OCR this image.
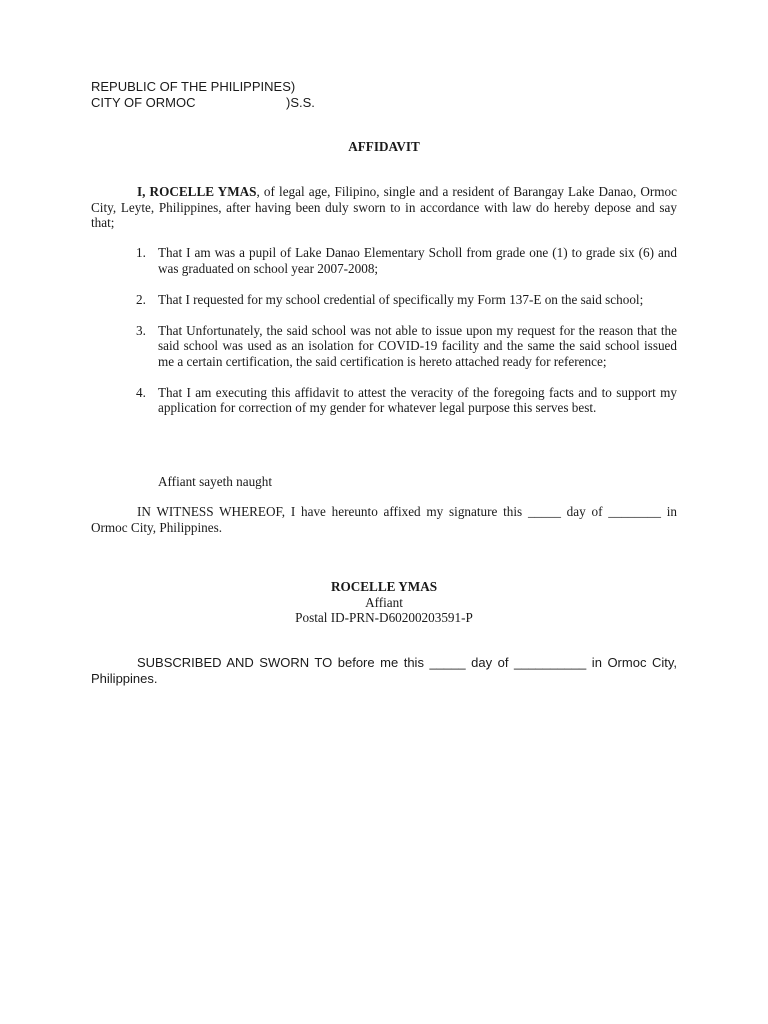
REPUBLIC OF THE PHILIPPINES)
CITY OF ORMOC	)S.S.
AFFIDAVIT

I, ROCELLE YMAS, of legal age, Filipino, single and a resident of Barangay Lake Danao, Ormoc City, Leyte, Philippines, after having been duly sworn to in accordance with law do hereby depose and say that;

1. That I am was a pupil of Lake Danao Elementary Scholl from grade one (1) to grade six (6) and was graduated on school year 2007-2008;
2. That I requested for my school credential of specifically my Form 137-E on the said school;
3. That Unfortunately, the said school was not able to issue upon my request for the reason that the said school was used as an isolation for COVID-19 facility and the same the said school issued me a certain certification, the said certification is hereto attached ready for reference;
4. That I am executing this affidavit to attest the veracity of the foregoing facts and to support my application for correction of my gender for whatever legal purpose this serves best.
Affiant sayeth naught

IN WITNESS WHEREOF, I have hereunto affixed my signature this _____ day of ________ in Ormoc City, Philippines.

ROCELLE YMAS
Affiant
Postal ID-PRN-D60200203591-P

SUBSCRIBED AND SWORN TO before me this _____ day of __________ in Ormoc City, Philippines.
